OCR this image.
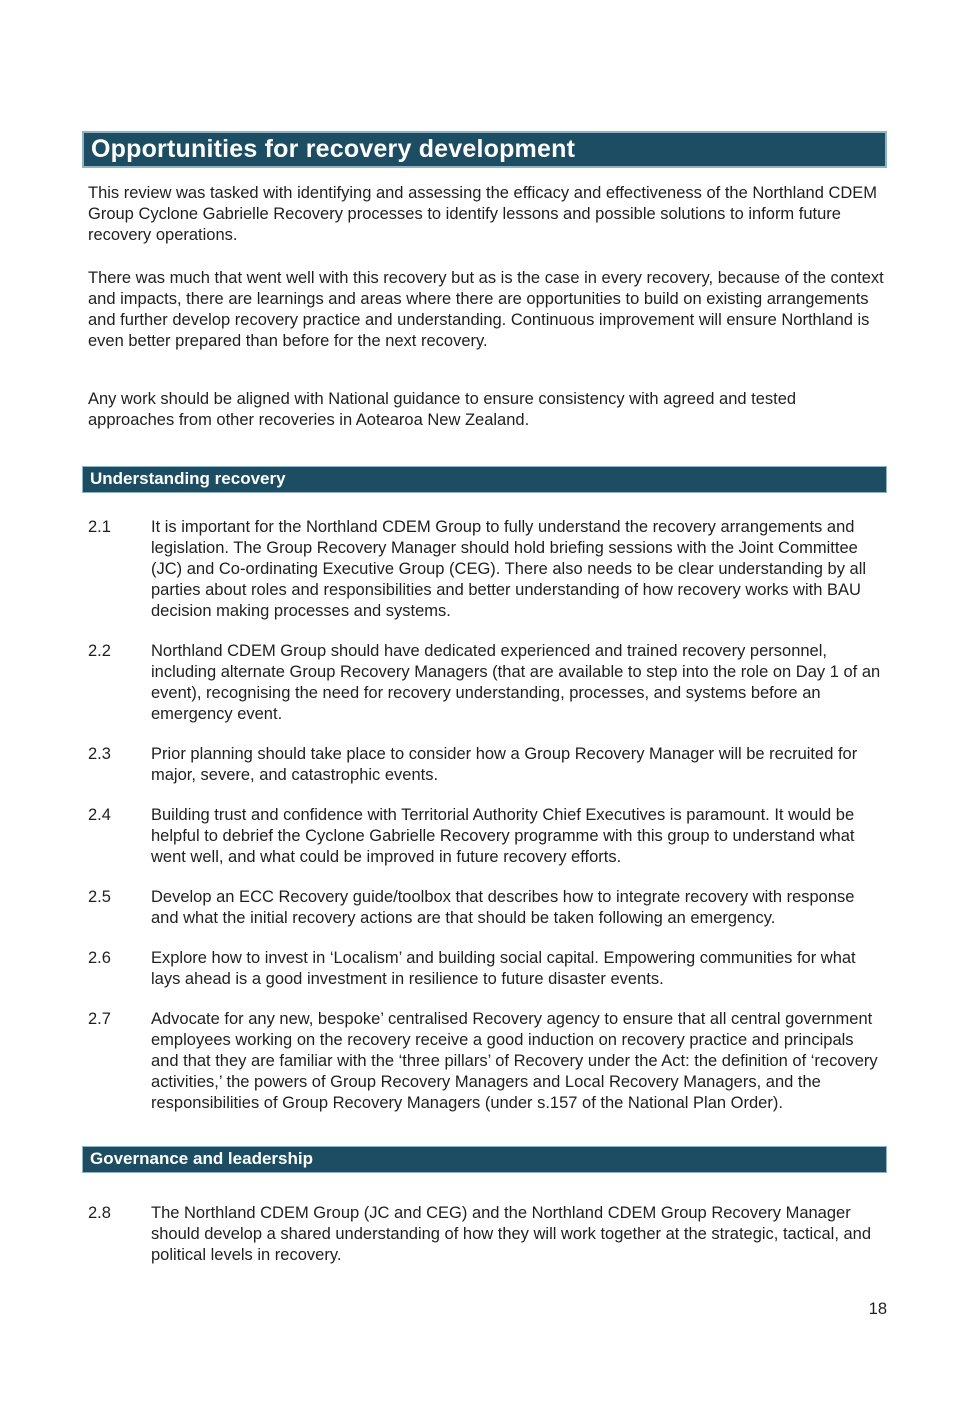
Opportunities for recovery development

This review was tasked with identifying and assessing the efficacy and effectiveness of the Northland CDEM Group Cyclone Gabrielle Recovery processes to identify lessons and possible solutions to inform future recovery operations.

There was much that went well with this recovery but as is the case in every recovery, because of the context and impacts, there are learnings and areas where there are opportunities to build on existing arrangements and further develop recovery practice and understanding. Continuous improvement will ensure Northland is even better prepared than before for the next recovery.

Any work should be aligned with National guidance to ensure consistency with agreed and tested approaches from other recoveries in Aotearoa New Zealand.

Understanding recovery
2.1	It is important for the Northland CDEM Group to fully understand the recovery arrangements and legislation. The Group Recovery Manager should hold briefing sessions with the Joint Committee (JC) and Co-ordinating Executive Group (CEG). There also needs to be clear understanding by all parties about roles and responsibilities and better understanding of how recovery works with BAU decision making processes and systems.
2.2	Northland CDEM Group should have dedicated experienced and trained recovery personnel, including alternate Group Recovery Managers (that are available to step into the role on Day 1 of an event), recognising the need for recovery understanding, processes, and systems before an emergency event.
2.3	Prior planning should take place to consider how a Group Recovery Manager will be recruited for major, severe, and catastrophic events.
2.4	Building trust and confidence with Territorial Authority Chief Executives is paramount. It would be helpful to debrief the Cyclone Gabrielle Recovery programme with this group to understand what went well, and what could be improved in future recovery efforts.
2.5	Develop an ECC Recovery guide/toolbox that describes how to integrate recovery with response and what the initial recovery actions are that should be taken following an emergency.
2.6	Explore how to invest in ‘Localism’ and building social capital. Empowering communities for what lays ahead is a good investment in resilience to future disaster events.
2.7	Advocate for any new, bespoke’ centralised Recovery agency to ensure that all central government employees working on the recovery receive a good induction on recovery practice and principals and that they are familiar with the ‘three pillars’ of Recovery under the Act: the definition of ‘recovery activities,’ the powers of Group Recovery Managers and Local Recovery Managers, and the responsibilities of Group Recovery Managers (under s.157 of the National Plan Order).
Governance and leadership
2.8	The Northland CDEM Group (JC and CEG) and the Northland CDEM Group Recovery Manager should develop a shared understanding of how they will work together at the strategic, tactical, and political levels in recovery.
18
